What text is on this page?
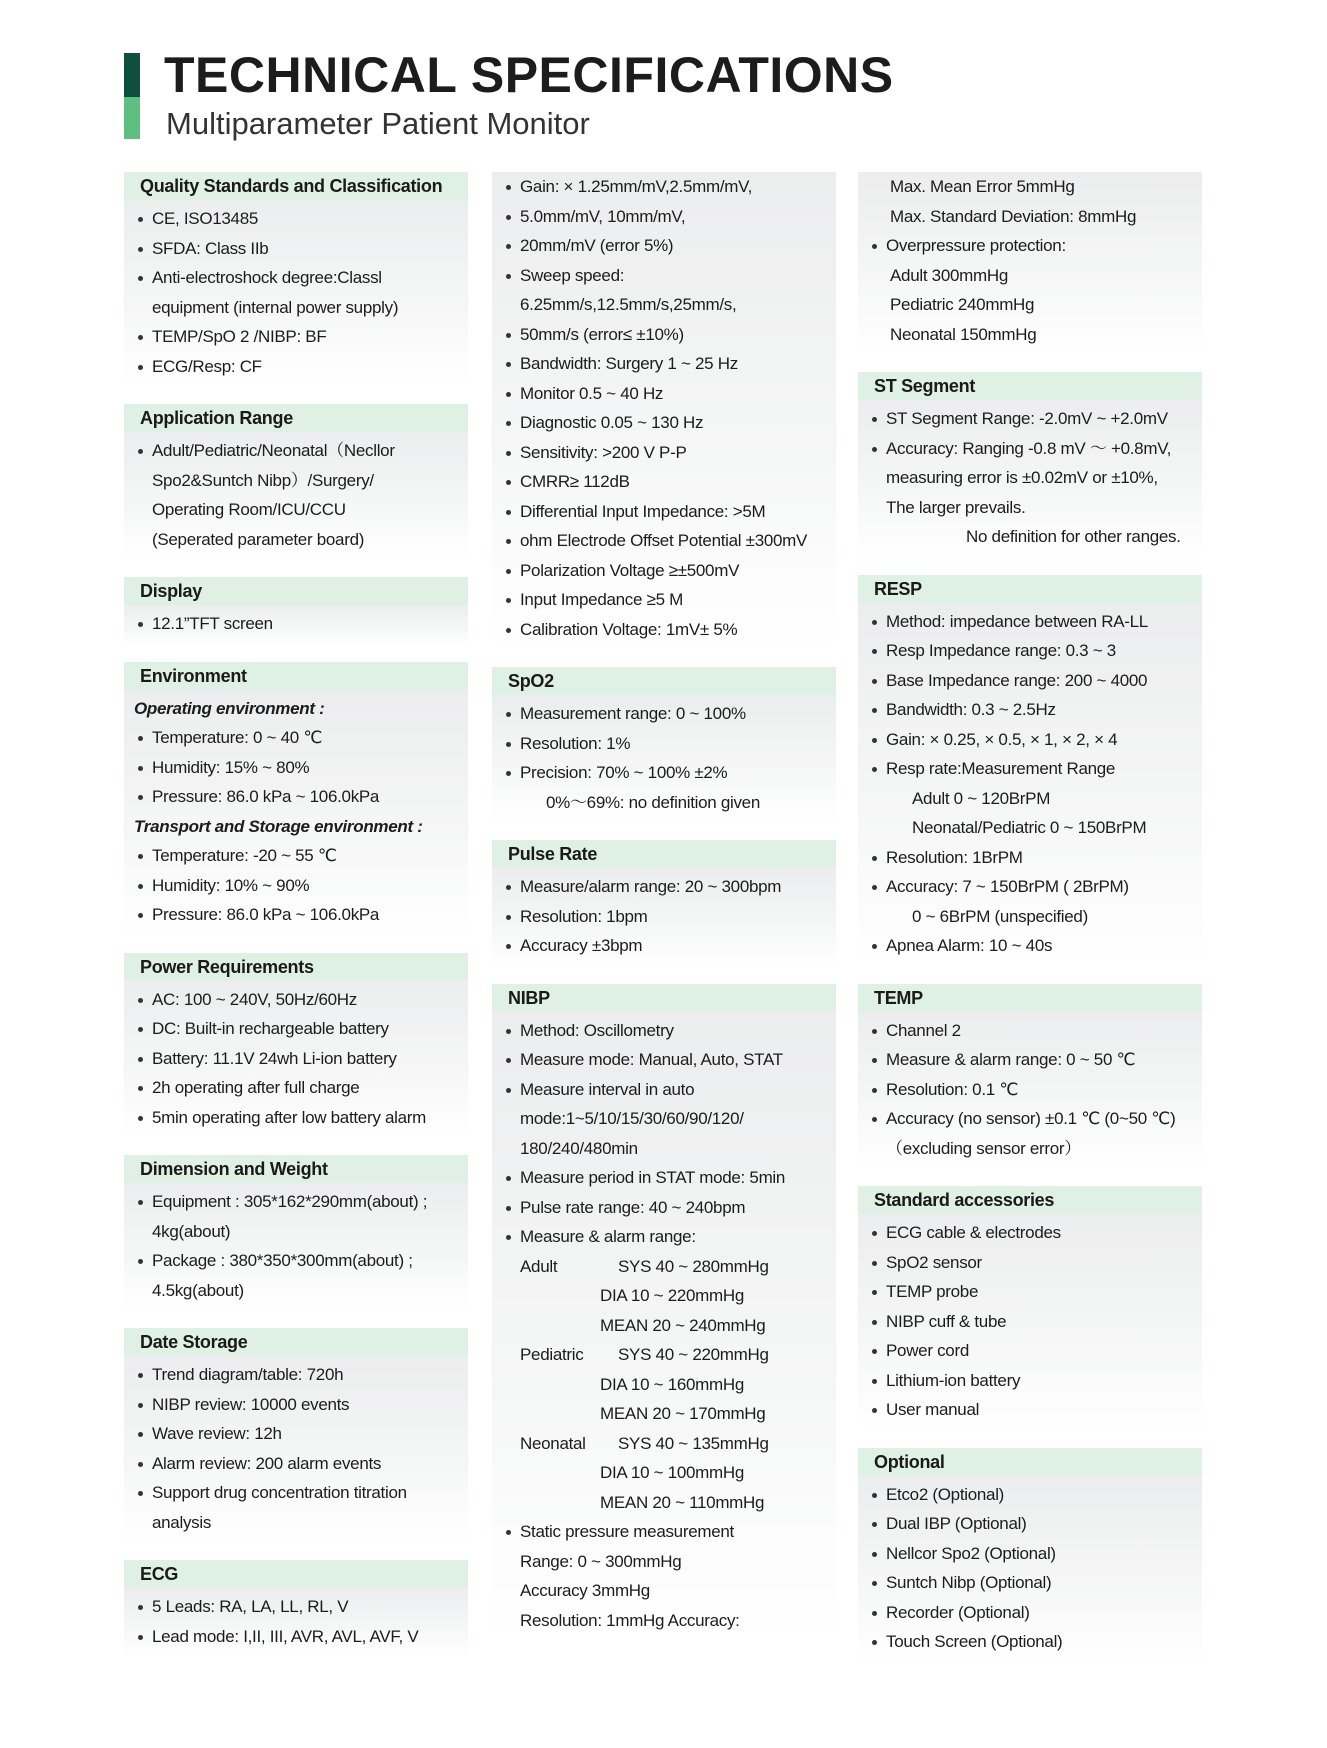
TECHNICAL SPECIFICATIONS
Multiparameter Patient Monitor
Quality Standards and Classification
CE, ISO13485
SFDA: Class IIb
Anti-electroshock degree:Classl
equipment (internal power supply)
TEMP/SpO 2 /NIBP: BF
ECG/Resp: CF
Application Range
Adult/Pediatric/Neonatal（Necllor
Spo2&Suntch Nibp）/Surgery/
Operating Room/ICU/CCU
(Seperated parameter board)
Display
12.1”TFT screen
Environment
Operating environment :
Temperature: 0 ~ 40 ℃
Humidity: 15% ~ 80%
Pressure: 86.0 kPa ~ 106.0kPa
Transport and Storage environment :
Temperature: -20 ~ 55 ℃
Humidity: 10% ~ 90%
Pressure: 86.0 kPa ~ 106.0kPa
Power Requirements
AC: 100 ~ 240V, 50Hz/60Hz
DC: Built-in rechargeable battery
Battery: 11.1V 24wh Li-ion battery
2h operating after full charge
5min operating after low battery alarm
Dimension and Weight
Equipment : 305*162*290mm(about) ;
4kg(about)
Package : 380*350*300mm(about) ;
4.5kg(about)
Date Storage
Trend diagram/table: 720h
NIBP review: 10000 events
Wave review: 12h
Alarm review: 200 alarm events
Support drug concentration titration
analysis
ECG
5 Leads: RA, LA, LL, RL, V
Lead mode: I,II, III, AVR, AVL, AVF, V
Gain: × 1.25mm/mV,2.5mm/mV,
5.0mm/mV, 10mm/mV,
20mm/mV (error 5%)
Sweep speed:
6.25mm/s,12.5mm/s,25mm/s,
50mm/s (error≤ ±10%)
Bandwidth: Surgery 1 ~ 25 Hz
Monitor 0.5 ~ 40 Hz
Diagnostic 0.05 ~ 130 Hz
Sensitivity: >200 V P-P
CMRR≥ 112dB
Differential Input Impedance: >5M
ohm Electrode Offset Potential ±300mV
Polarization Voltage ≥±500mV
Input Impedance ≥5 M
Calibration Voltage: 1mV± 5%
SpO2
Measurement range: 0 ~ 100%
Resolution: 1%
Precision: 70% ~ 100% ±2%
0%～69%: no definition given
Pulse Rate
Measure/alarm range: 20 ~ 300bpm
Resolution: 1bpm
Accuracy ±3bpm
NIBP
Method: Oscillometry
Measure mode: Manual, Auto, STAT
Measure interval in auto
mode:1~5/10/15/30/60/90/120/
180/240/480min
Measure period in STAT mode: 5min
Pulse rate range: 40 ~ 240bpm
Measure & alarm range:
Adult	SYS 40 ~ 280mmHg
DIA 10 ~ 220mmHg
MEAN 20 ~ 240mmHg
Pediatric	SYS 40 ~ 220mmHg
DIA 10 ~ 160mmHg
MEAN 20 ~ 170mmHg
Neonatal	SYS 40 ~ 135mmHg
DIA 10 ~ 100mmHg
MEAN 20 ~ 110mmHg
Static pressure measurement
Range: 0 ~ 300mmHg
Accuracy 3mmHg
Resolution: 1mmHg Accuracy:
Max. Mean Error 5mmHg
Max. Standard Deviation: 8mmHg
Overpressure protection:
Adult 300mmHg
Pediatric 240mmHg
Neonatal 150mmHg
ST Segment
ST Segment Range: -2.0mV ~ +2.0mV
Accuracy: Ranging -0.8 mV ～ +0.8mV,
measuring error is ±0.02mV or ±10%,
The larger prevails.
No definition for other ranges.
RESP
Method: impedance between RA-LL
Resp Impedance range: 0.3 ~ 3
Base Impedance range: 200 ~ 4000
Bandwidth: 0.3 ~ 2.5Hz
Gain: × 0.25, × 0.5, × 1, × 2, × 4
Resp rate:Measurement Range
Adult 0 ~ 120BrPM
Neonatal/Pediatric 0 ~ 150BrPM
Resolution: 1BrPM
Accuracy: 7 ~ 150BrPM ( 2BrPM)
0 ~ 6BrPM (unspecified)
Apnea Alarm: 10 ~ 40s
TEMP
Channel 2
Measure & alarm range: 0 ~ 50 ℃
Resolution: 0.1 ℃
Accuracy (no sensor) ±0.1 ℃ (0~50 ℃)
（excluding sensor error）
Standard accessories
ECG cable & electrodes
SpO2 sensor
TEMP probe
NIBP cuff & tube
Power cord
Lithium-ion battery
User manual
Optional
Etco2 (Optional)
Dual IBP (Optional)
Nellcor Spo2 (Optional)
Suntch Nibp (Optional)
Recorder (Optional)
Touch Screen (Optional)
